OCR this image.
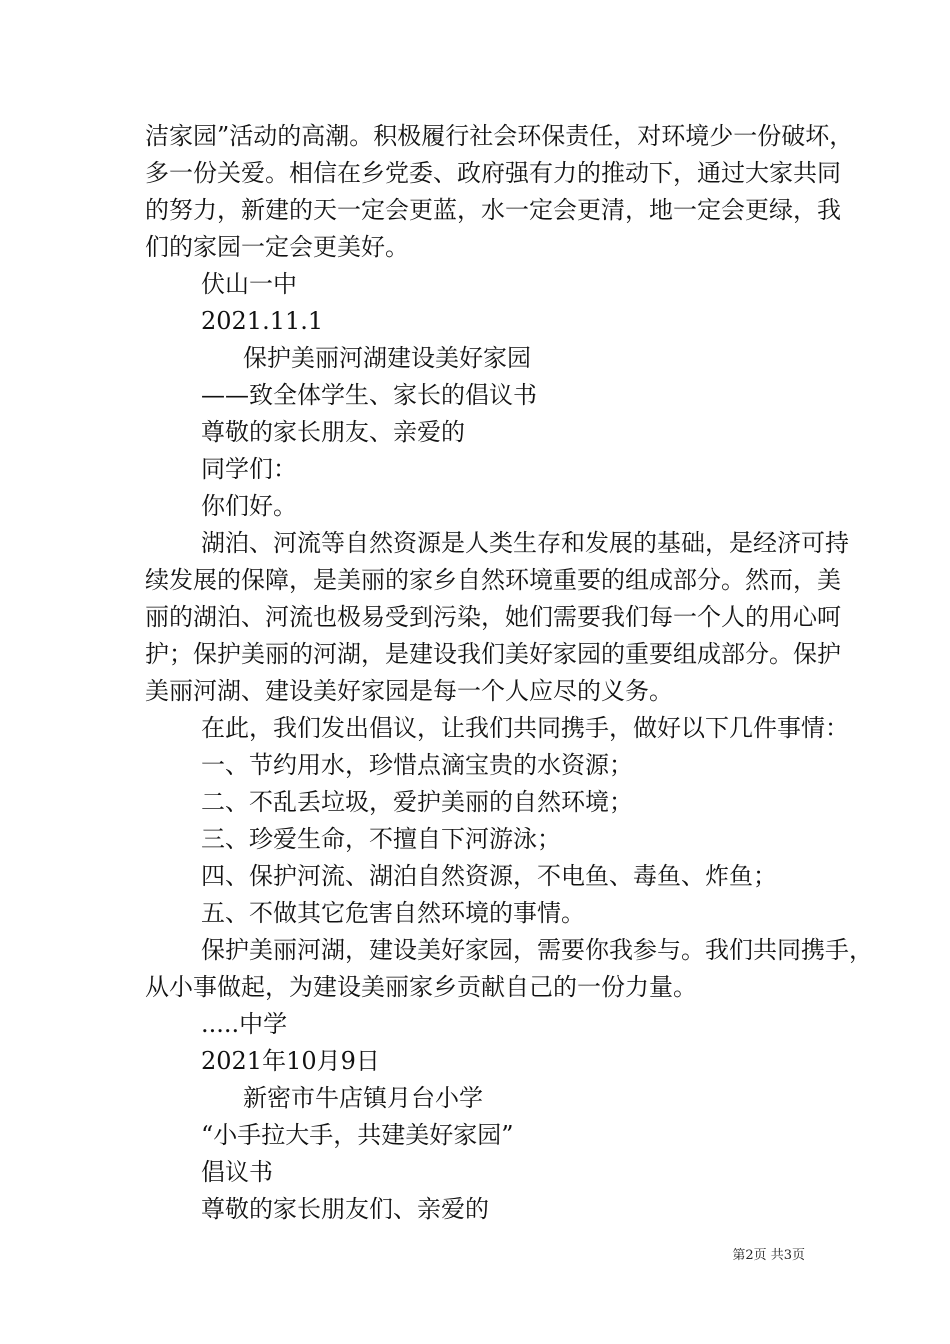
洁家园”活动的高潮。积极履行社会环保责任，对环境少一份破坏，
多一份关爱。相信在乡党委、政府强有力的推动下，通过大家共同
的努力，新建的天一定会更蓝，水一定会更清，地一定会更绿，我
们的家园一定会更美好。
伏山一中
2021.11.1
保护美丽河湖建设美好家园
——致全体学生、家长的倡议书
尊敬的家长朋友、亲爱的
同学们：
你们好。
湖泊、河流等自然资源是人类生存和发展的基础，是经济可持
续发展的保障，是美丽的家乡自然环境重要的组成部分。然而，美
丽的湖泊、河流也极易受到污染，她们需要我们每一个人的用心呵
护；保护美丽的河湖，是建设我们美好家园的重要组成部分。保护
美丽河湖、建设美好家园是每一个人应尽的义务。
在此，我们发出倡议，让我们共同携手，做好以下几件事情：
一、节约用水，珍惜点滴宝贵的水资源；
二、不乱丢垃圾，爱护美丽的自然环境；
三、珍爱生命，不擅自下河游泳；
四、保护河流、湖泊自然资源，不电鱼、毒鱼、炸鱼；
五、不做其它危害自然环境的事情。
保护美丽河湖，建设美好家园，需要你我参与。我们共同携手，
从小事做起，为建设美丽家乡贡献自己的一份力量。
.....中学
2021年10月9日
新密市牛店镇月台小学
“小手拉大手，共建美好家园”
倡议书
尊敬的家长朋友们、亲爱的
第2页 共3页
